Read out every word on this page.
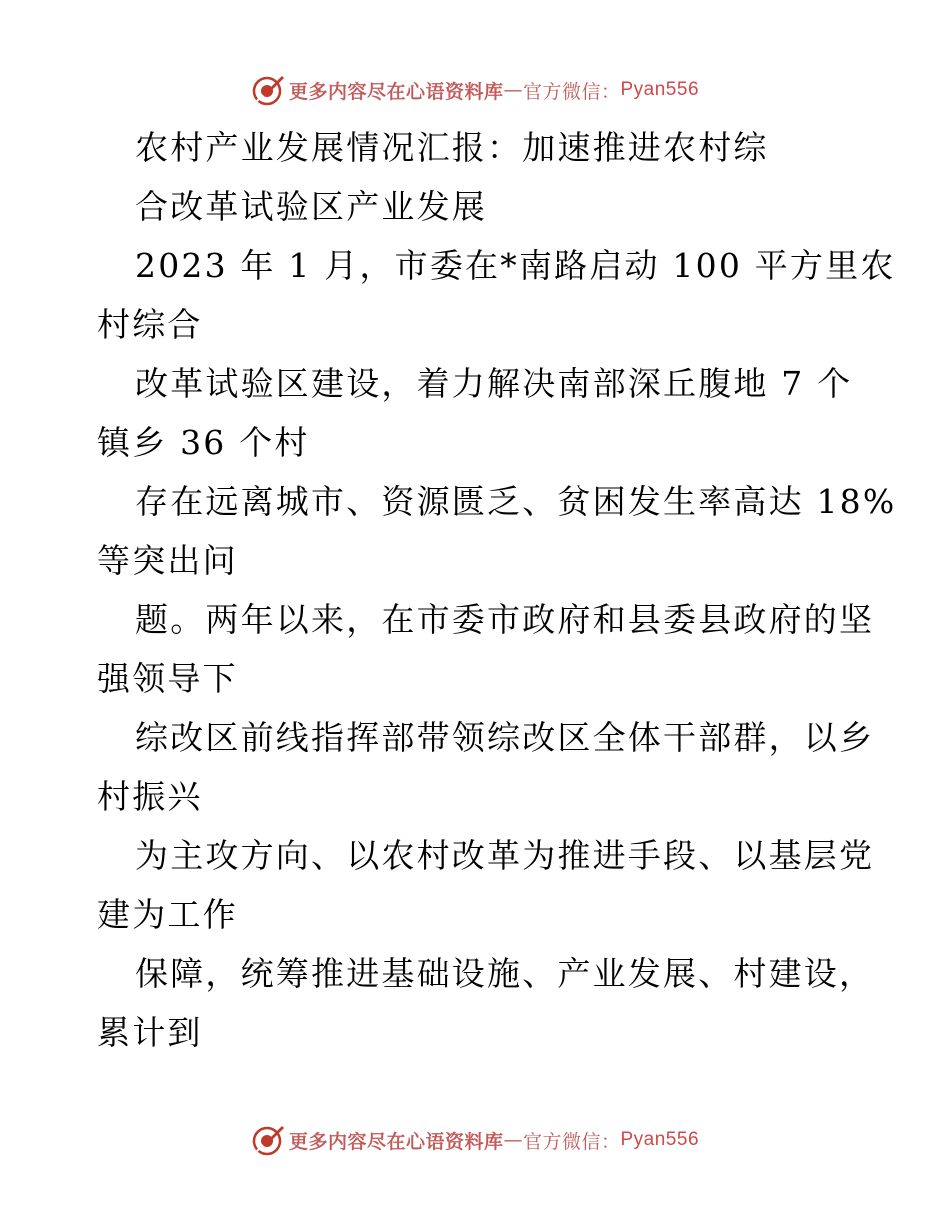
更多内容尽在心语资料库 — 官方微信： Pyan556
农村产业发展情况汇报：加速推进农村综
合改革试验区产业发展
2023 年 1 月，市委在*南路启动 100 平方里农
村综合
改革试验区建设，着力解决南部深丘腹地 7 个
镇乡 36 个村
存在远离城市、资源匮乏、贫困发生率高达 18%
等突出问
题。两年以来，在市委市政府和县委县政府的坚
强领导下
综改区前线指挥部带领综改区全体干部群，以乡
村振兴
为主攻方向、以农村改革为推进手段、以基层党
建为工作
保障，统筹推进基础设施、产业发展、村建设，
累计到
更多内容尽在心语资料库 — 官方微信： Pyan556
